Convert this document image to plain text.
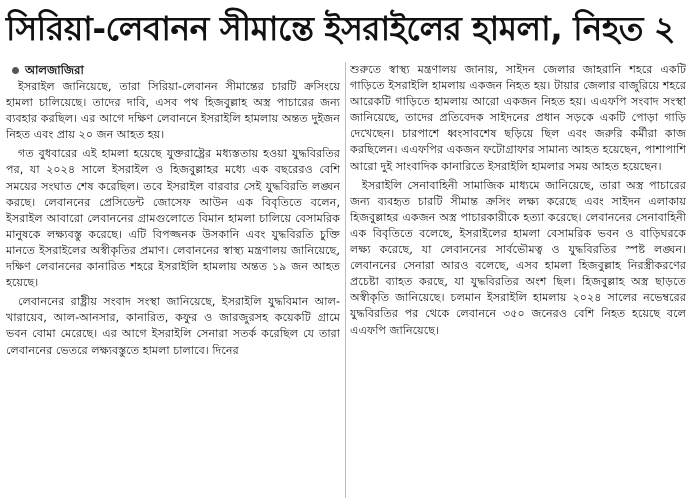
সিরিয়া-লেবানন সীমান্তে ইসরাইলের হামলা, নিহত ২
আলজাজিরা

ইসরাইল জানিয়েছে, তারা সিরিয়া-লেবানন সীমান্তের চারটি ক্রসিংয়ে হামলা চালিয়েছে। তাদের দাবি, এসব পথ হিজবুল্লাহ অস্ত্র পাচারের জন্য ব্যবহার করছিল। এর আগে দক্ষিণ লেবাননে ইসরাইলি হামলায় অন্তত দুইজন নিহত এবং প্রায় ২০ জন আহত হয়।

গত বুধবারের এই হামলা হয়েছে যুক্তরাষ্ট্রের মধ্যস্ততায় হওয়া যুদ্ধবিরতির পর, যা ২০২৪ সালে ইসরাইল ও হিজবুল্লাহর মধ্যে এক বছরেরও বেশি সময়ের সংঘাত শেষ করেছিল। তবে ইসরাইল বারবার সেই যুদ্ধবিরতি লঙ্ঘন করছে। লেবাননের প্রেসিডেন্ট জোসেফ আউন এক বিবৃতিতে বলেন, ইসরাইল আবারো লেবাননের গ্রামগুলোতে বিমান হামলা চালিয়ে বেসামরিক মানুষকে লক্ষ্যবস্তু করেছে। এটি বিপজ্জনক উসকানি এবং যুদ্ধবিরতি চুক্তি মানতে ইসরাইলের অস্বীকৃতির প্রমাণ। লেবাননের স্বাস্থ্য মন্ত্রণালয় জানিয়েছে, দক্ষিণ লেবাননের কানারিত শহরে ইসরাইলি হামলায় অন্তত ১৯ জন আহত হয়েছে।

লেবাননের রাষ্ট্রীয় সংবাদ সংস্থা জানিয়েছে, ইসরাইলি যুদ্ধবিমান আল-খারায়েব, আল-আনসার, কানারিত, কফুর ও জারজুরসহ কয়েকটি গ্রামে ভবন বোমা মেরেছে। এর আগে ইসরাইলি সেনারা সতর্ক করেছিল যে তারা লেবাননের ভেতরে লক্ষ্যবস্তুতে হামলা চালাবে। দিনের

শুরুতে স্বাস্থ্য মন্ত্রণালয় জানায়, সাইদন জেলার জাহরানি শহরে একটি গাড়িতে ইসরাইলি হামলায় একজন নিহত হয়। টায়ার জেলার বাজুরিয়ে শহরে আরেকটি গাড়িতে হামলায় আরো একজন নিহত হয়। এএফপি সংবাদ সংস্থা জানিয়েছে, তাদের প্রতিবেদক সাইদনের প্রধান সড়কে একটি পোড়া গাড়ি দেখেছেন। চারপাশে ধ্বংসাবশেষ ছড়িয়ে ছিল এবং জরুরি কর্মীরা কাজ করছিলেন। এএফপির একজন ফটোগ্রাফার সামান্য আহত হয়েছেন, পাশাপাশি আরো দুই সাংবাদিক কানারিতে ইসরাইলি হামলার সময় আহত হয়েছেন।

ইসরাইলি সেনাবাহিনী সামাজিক মাধ্যমে জানিয়েছে, তারা অস্ত্র পাচারের জন্য ব্যবহৃত চারটি সীমান্ত ক্রসিং লক্ষ্য করেছে এবং সাইদন এলাকায় হিজবুল্লাহর একজন অস্ত্র পাচারকারীকে হত্যা করেছে। লেবাননের সেনাবাহিনী এক বিবৃতিতে বলেছে, ইসরাইলের হামলা বেসামরিক ভবন ও বাড়িঘরকে লক্ষ্য করেছে, যা লেবাননের সার্বভৌমত্ব ও যুদ্ধবিরতির স্পষ্ট লঙ্ঘন। লেবাননের সেনারা আরও বলেছে, এসব হামলা হিজবুল্লাহ নিরস্ত্রীকরণের প্রচেষ্টা ব্যাহত করছে, যা যুদ্ধবিরতির অংশ ছিল। হিজবুল্লাহ অস্ত্র ছাড়তে অস্বীকৃতি জানিয়েছে। চলমান ইসরাইলি হামলায় ২০২৪ সালের নভেম্বরের যুদ্ধবিরতির পর থেকে লেবাননে ৩৫০ জনেরও বেশি নিহত হয়েছে বলে এএফপি জানিয়েছে।
